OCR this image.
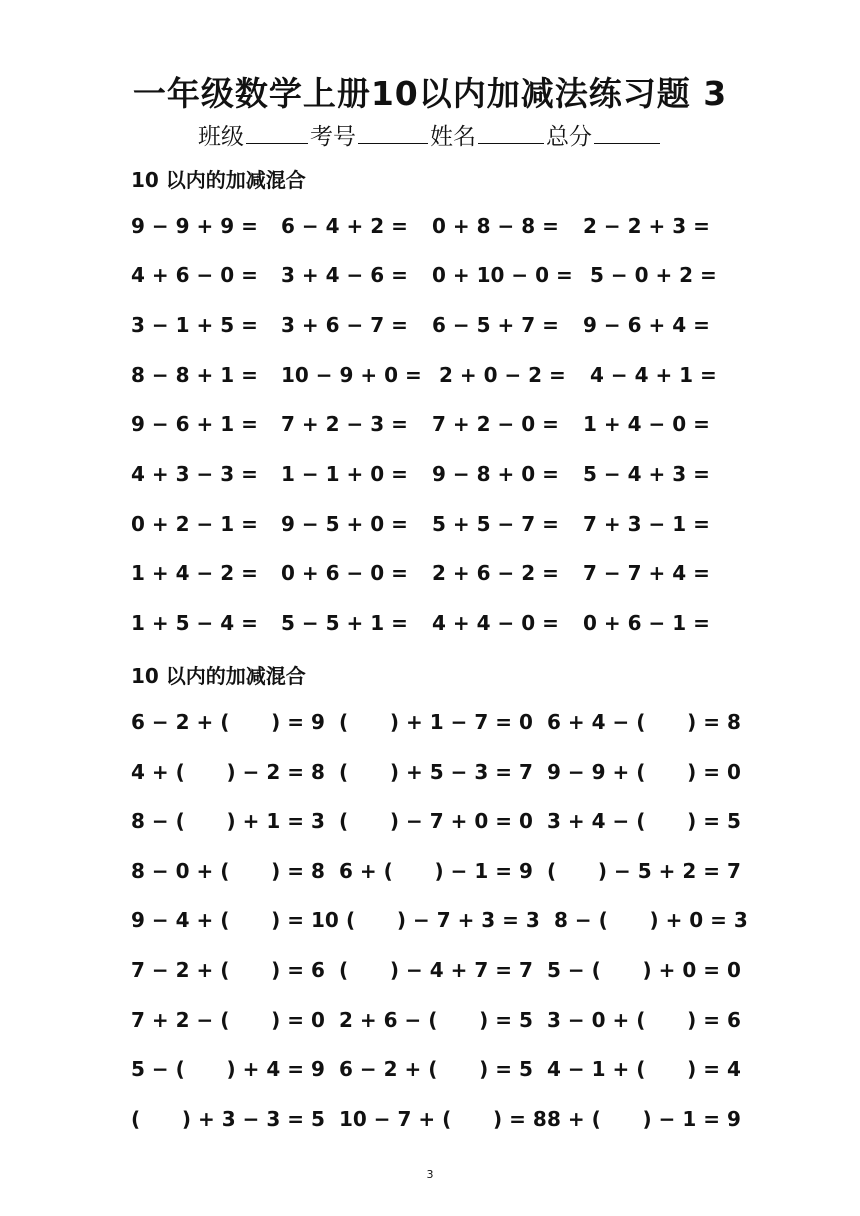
一年级数学上册10以内加减法练习题 3
班级	考号	姓名	总分
10 以内的加减混合
9 − 9 + 9 = 6 − 4 + 2 = 0 + 8 − 8 = 2 − 2 + 3 =
4 + 6 − 0 = 3 + 4 − 6 = 0 + 10 − 0 = 5 − 0 + 2 =
3 − 1 + 5 = 3 + 6 − 7 = 6 − 5 + 7 = 9 − 6 + 4 =
8 − 8 + 1 = 10 − 9 + 0 = 2 + 0 − 2 = 4 − 4 + 1 =
9 − 6 + 1 = 7 + 2 − 3 = 7 + 2 − 0 = 1 + 4 − 0 =
4 + 3 − 3 = 1 − 1 + 0 = 9 − 8 + 0 = 5 − 4 + 3 =
0 + 2 − 1 = 9 − 5 + 0 = 5 + 5 − 7 = 7 + 3 − 1 =
1 + 4 − 2 = 0 + 6 − 0 = 2 + 6 − 2 = 7 − 7 + 4 =
1 + 5 − 4 = 5 − 5 + 1 = 4 + 4 − 0 = 0 + 6 − 1 =
10 以内的加减混合
6 − 2 + (      ) = 9 (      ) + 1 − 7 = 0 6 + 4 − (      ) = 8
4 + (      ) − 2 = 8 (      ) + 5 − 3 = 7 9 − 9 + (      ) = 0
8 − (      ) + 1 = 3 (      ) − 7 + 0 = 0 3 + 4 − (      ) = 5
8 − 0 + (      ) = 8 6 + (      ) − 1 = 9 (      ) − 5 + 2 = 7
9 − 4 + (      ) = 10 (      ) − 7 + 3 = 3 8 − (      ) + 0 = 3
7 − 2 + (      ) = 6 (      ) − 4 + 7 = 7 5 − (      ) + 0 = 0
7 + 2 − (      ) = 0 2 + 6 − (      ) = 5 3 − 0 + (      ) = 6
5 − (      ) + 4 = 9 6 − 2 + (      ) = 5 4 − 1 + (      ) = 4
(      ) + 3 − 3 = 5 10 − 7 + (      ) = 8 8 + (      ) − 1 = 9
3
